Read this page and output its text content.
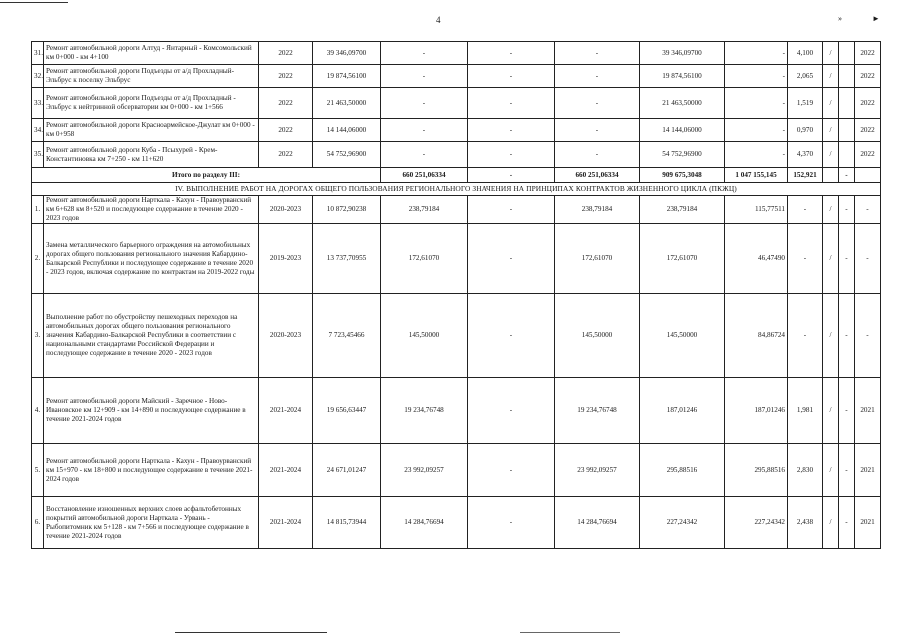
4	» ►
31.	Ремонт автомобильной дороги Алтуд - Янтарный - Комсомольский км 0+000 - км 4+100	2022	39 346,09700	-	-	-	39 346,09700	-	4,100	/		2022
32.	Ремонт автомобильной дороги Подъезды от а/д Прохладный-Эльбрус к поселку Эльбрус	2022	19 874,56100	-	-	-	19 874,56100	-	2,065	/		2022
33.	Ремонт автомобильной дороги Подъезды от а/д Прохладный - Эльбрус к нейтринной обсерватории км 0+000 - км 1+566	2022	21 463,50000	-	-	-	21 463,50000	-	1,519	/		2022
34.	Ремонт автомобильной дороги Красноармейское-Джулат км 0+000 - км 0+958	2022	14 144,06000	-	-	-	14 144,06000	-	0,970	/		2022
35.	Ремонт автомобильной дороги Куба - Псыхурей - Крем-Константиновка км 7+250 - км 11+620	2022	54 752,96900	-	-	-	54 752,96900	-	4,370	/		2022
Итого по разделу III:				660 251,06334	-	660 251,06334	909 675,3048	1 047 155,145	152,921		-	
IV. ВЫПОЛНЕНИЕ РАБОТ НА ДОРОГАХ ОБЩЕГО ПОЛЬЗОВАНИЯ РЕГИОНАЛЬНОГО ЗНАЧЕНИЯ НА ПРИНЦИПАХ КОНТРАКТОВ ЖИЗНЕННОГО ЦИКЛА (ПКЖЦ)												
1.	Ремонт автомобильной дороги Нарткала - Кахун - Правоурванский км 6+628 км 8+520 и последующее содержание в течение 2020 - 2023 годов	2020-2023	10 872,90238	238,79184	-	238,79184	238,79184	115,77511	-	/	-	-
2.	Замена металлического барьерного ограждения на автомобильных дорогах общего пользования регионального значения Кабардино-Балкарской Республики и последующее содержание в течение 2020 - 2023 годов, включая содержание по контрактам на 2019-2022 годы	2019-2023	13 737,70955	172,61070	-	172,61070	172,61070	46,47490	-	/	-	-
3.	Выполнение работ по обустройству пешеходных переходов на автомобильных дорогах общего пользования регионального значения Кабардино-Балкарской Республики в соответствии с национальными стандартами Российской Федерации и последующее содержание в течение 2020 - 2023 годов	2020-2023	7 723,45466	145,50000	-	145,50000	145,50000	84,86724	-	/	-	-
4.	Ремонт автомобильной дороги Майский - Заречное - Ново-Ивановское км 12+909 - км 14+890 и последующее содержание в течение 2021-2024 годов	2021-2024	19 656,63447	19 234,76748	-	19 234,76748	187,01246	187,01246	1,981	/	-	2021
5.	Ремонт автомобильной дороги Нарткала - Кахун - Правоурванский км 15+970 - км 18+800 и последующее содержание в течение 2021-2024 годов	2021-2024	24 671,01247	23 992,09257	-	23 992,09257	295,88516	295,88516	2,830	/	-	2021
6.	Восстановление изношенных верхних слоев асфальтобетонных покрытий автомобильной дороги Нарткала - Урвань - Рыбопитомник км 5+128 - км 7+566 и последующее содержание в течение 2021-2024 годов	2021-2024	14 815,73944	14 284,76694	-	14 284,76694	227,24342	227,24342	2,438	/	-	2021
